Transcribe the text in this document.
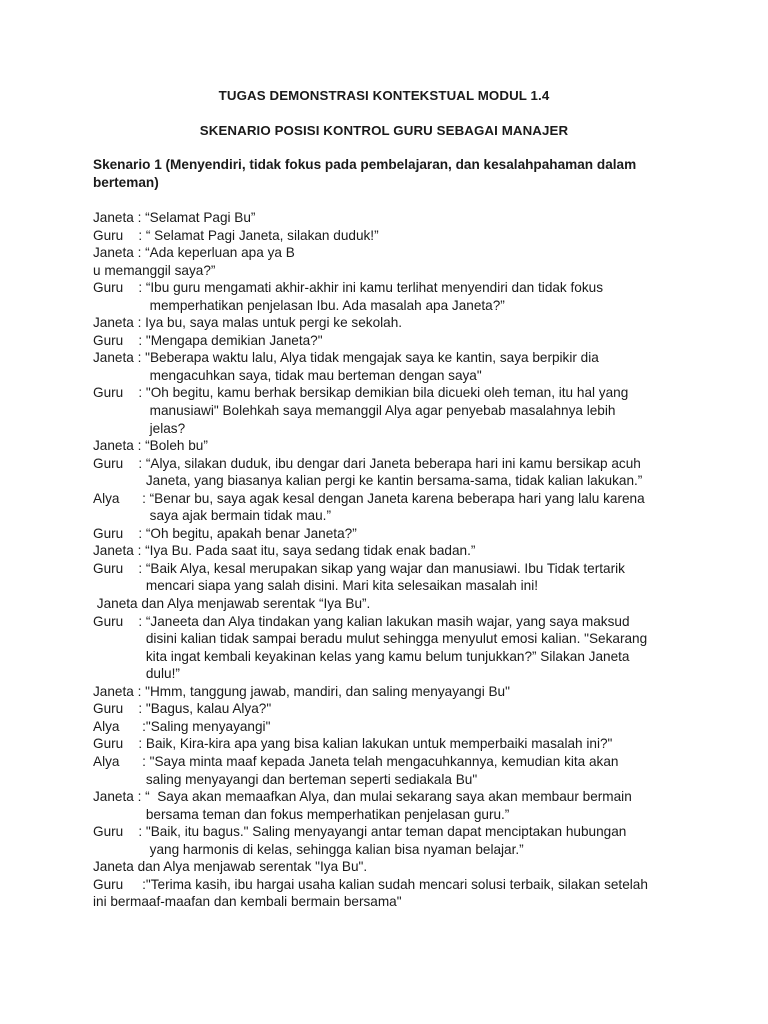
TUGAS DEMONSTRASI KONTEKSTUAL MODUL 1.4
SKENARIO POSISI KONTROL GURU SEBAGAI MANAJER
Skenario 1 (Menyendiri, tidak fokus pada pembelajaran, dan kesalahpahaman dalam
berteman)
Janeta : “Selamat Pagi Bu”
Guru    : “ Selamat Pagi Janeta, silakan duduk!”
Janeta : “Ada keperluan apa ya B
u memanggil saya?”
Guru    : “Ibu guru mengamati akhir-akhir ini kamu terlihat menyendiri dan tidak fokus
memperhatikan penjelasan Ibu. Ada masalah apa Janeta?”
Janeta : Iya bu, saya malas untuk pergi ke sekolah.
Guru    : "Mengapa demikian Janeta?"
Janeta : "Beberapa waktu lalu, Alya tidak mengajak saya ke kantin, saya berpikir dia
mengacuhkan saya, tidak mau berteman dengan saya"
Guru    : "Oh begitu, kamu berhak bersikap demikian bila dicueki oleh teman, itu hal yang
manusiawi" Bolehkah saya memanggil Alya agar penyebab masalahnya lebih
jelas?
Janeta : “Boleh bu”
Guru    : “Alya, silakan duduk, ibu dengar dari Janeta beberapa hari ini kamu bersikap acuh
Janeta, yang biasanya kalian pergi ke kantin bersama-sama, tidak kalian lakukan.”
Alya      : “Benar bu, saya agak kesal dengan Janeta karena beberapa hari yang lalu karena
saya ajak bermain tidak mau.”
Guru    : “Oh begitu, apakah benar Janeta?”
Janeta : “Iya Bu. Pada saat itu, saya sedang tidak enak badan.”
Guru    : “Baik Alya, kesal merupakan sikap yang wajar dan manusiawi. Ibu Tidak tertarik
mencari siapa yang salah disini. Mari kita selesaikan masalah ini!
Janeta dan Alya menjawab serentak “Iya Bu”.
Guru    : “Janeeta dan Alya tindakan yang kalian lakukan masih wajar, yang saya maksud
disini kalian tidak sampai beradu mulut sehingga menyulut emosi kalian. "Sekarang
kita ingat kembali keyakinan kelas yang kamu belum tunjukkan?” Silakan Janeta
dulu!”
Janeta : "Hmm, tanggung jawab, mandiri, dan saling menyayangi Bu"
Guru    : "Bagus, kalau Alya?"
Alya      :"Saling menyayangi"
Guru    : Baik, Kira-kira apa yang bisa kalian lakukan untuk memperbaiki masalah ini?"
Alya      : "Saya minta maaf kepada Janeta telah mengacuhkannya, kemudian kita akan
saling menyayangi dan berteman seperti sediakala Bu"
Janeta : “  Saya akan memaafkan Alya, dan mulai sekarang saya akan membaur bermain
bersama teman dan fokus memperhatikan penjelasan guru.”
Guru    : "Baik, itu bagus." Saling menyayangi antar teman dapat menciptakan hubungan
yang harmonis di kelas, sehingga kalian bisa nyaman belajar.”
Janeta dan Alya menjawab serentak "Iya Bu".
Guru     :"Terima kasih, ibu hargai usaha kalian sudah mencari solusi terbaik, silakan setelah
ini bermaaf-maafan dan kembali bermain bersama"
